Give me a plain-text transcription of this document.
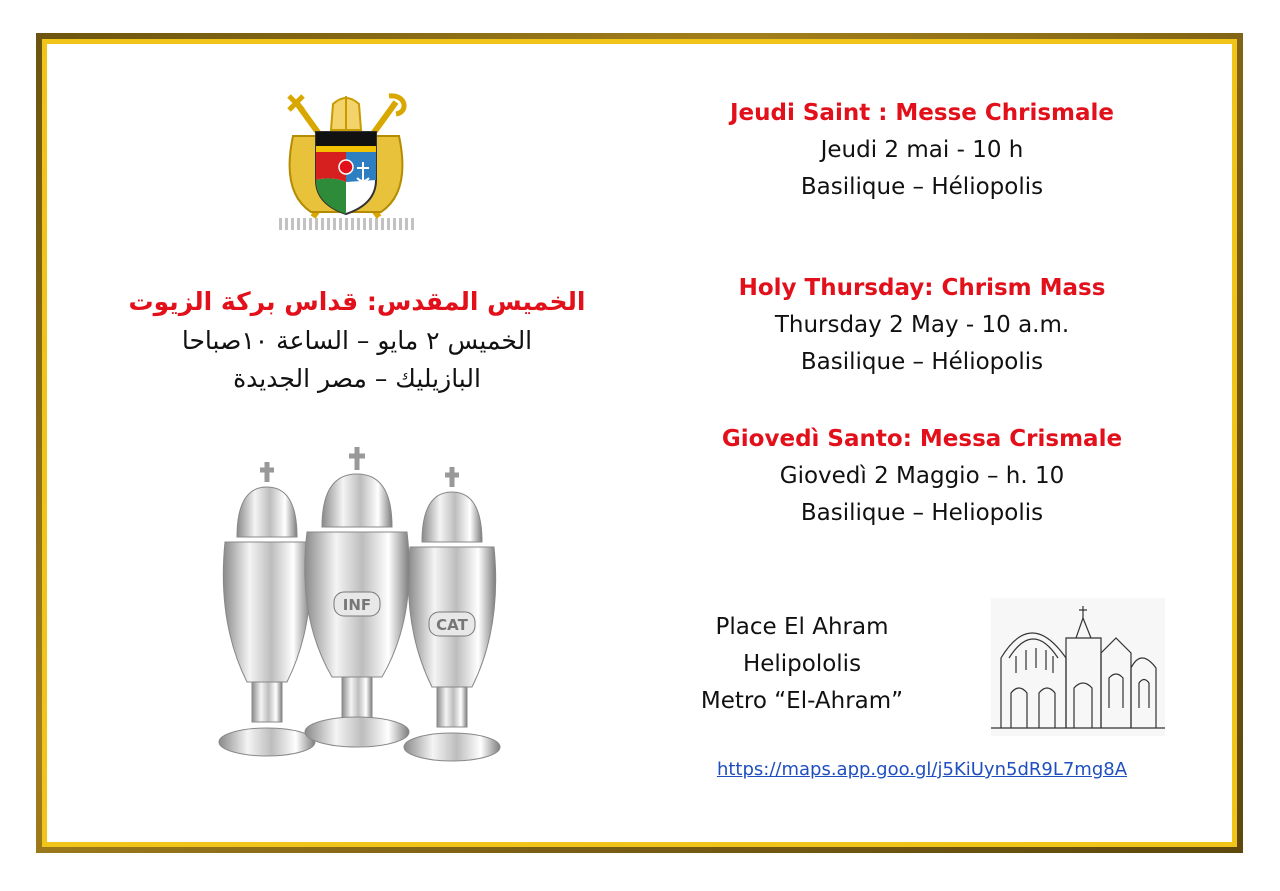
الخميس المقدس: قداس بركة الزيوت
الخميس ٢ مايو – الساعة ١٠صباحا
البازيليك – مصر الجديدة
CAT
INF
Jeudi Saint : Messe Chrismale
Jeudi 2 mai - 10 h
Basilique – Héliopolis
Holy Thursday: Chrism Mass
Thursday 2 May - 10 a.m.
Basilique – Héliopolis
Giovedì Santo: Messa Crismale
Giovedì 2 Maggio – h. 10
Basilique – Heliopolis
Place El Ahram
Helipololis
Metro “El-Ahram”
https://maps.app.goo.gl/j5KiUyn5dR9L7mg8A
